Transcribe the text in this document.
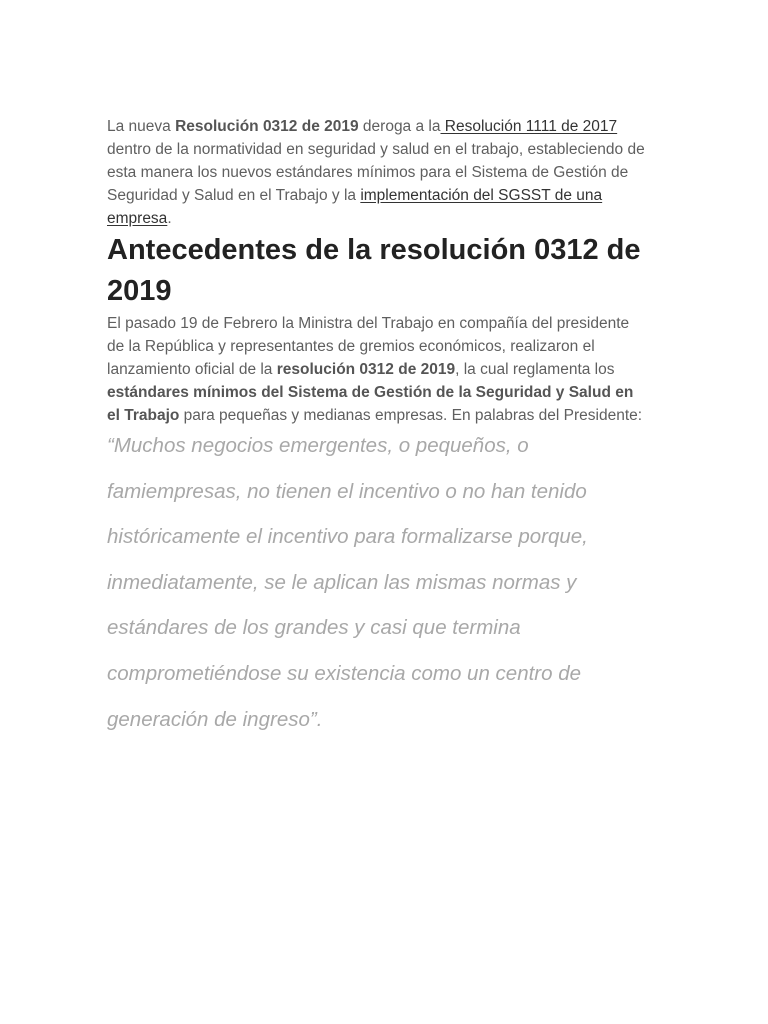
La nueva Resolución 0312 de 2019 deroga a la Resolución 1111 de 2017 dentro de la normatividad en seguridad y salud en el trabajo, estableciendo de esta manera los nuevos estándares mínimos para el Sistema de Gestión de Seguridad y Salud en el Trabajo y la implementación del SGSST de una empresa.

Antecedentes de la resolución 0312 de 2019

El pasado 19 de Febrero la Ministra del Trabajo en compañía del presidente de la República y representantes de gremios económicos, realizaron el lanzamiento oficial de la resolución 0312 de 2019, la cual reglamenta los estándares mínimos del Sistema de Gestión de la Seguridad y Salud en el Trabajo para pequeñas y medianas empresas. En palabras del Presidente:

“Muchos negocios emergentes, o pequeños, o
famiempresas, no tienen el incentivo o no han tenido
históricamente el incentivo para formalizarse porque,
inmediatamente, se le aplican las mismas normas y
estándares de los grandes y casi que termina
comprometiéndose su existencia como un centro de
generación de ingreso”.
